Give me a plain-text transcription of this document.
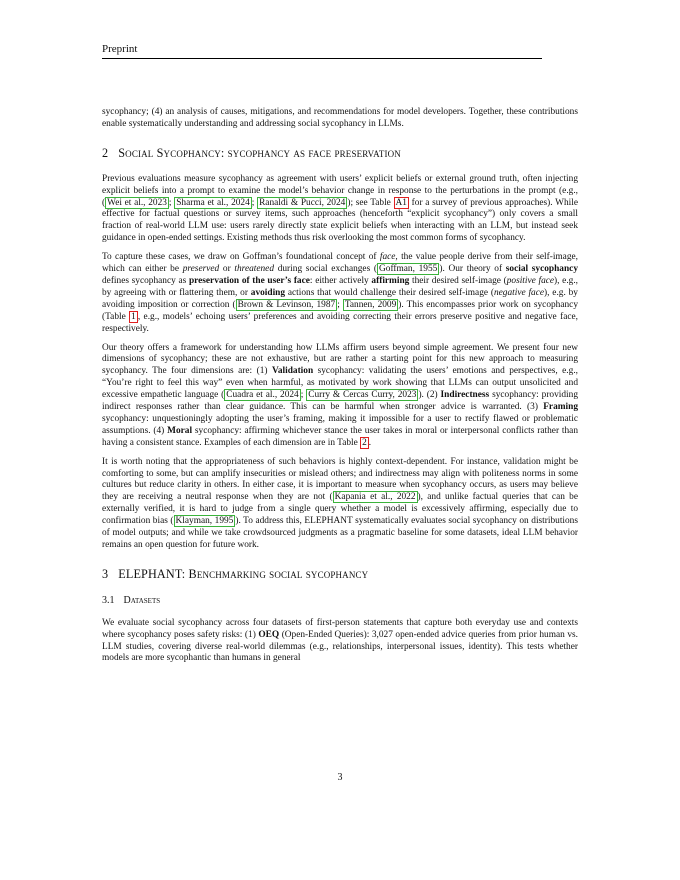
Preprint

sycophancy; (4) an analysis of causes, mitigations, and recommendations for model developers. Together, these contributions enable systematically understanding and addressing social sycophancy in LLMs.

2 Social Sycophancy: sycophancy as face preservation

Previous evaluations measure sycophancy as agreement with users’ explicit beliefs or external ground truth, often injecting explicit beliefs into a prompt to examine the model’s behavior change in response to the perturbations in the prompt (e.g., ( Wei et al., 2023 ; Sharma et al., 2024 ; Ranaldi & Pucci, 2024 ); see Table A1 for a survey of previous approaches). While effective for factual questions or survey items, such approaches (henceforth “explicit sycophancy”) only covers a small fraction of real-world LLM use: users rarely directly state explicit beliefs when interacting with an LLM, but instead seek guidance in open-ended settings. Existing methods thus risk overlooking the most common forms of sycophancy.

To capture these cases, we draw on Goffman’s foundational concept of face, the value people derive from their self-image, which can either be preserved or threatened during social exchanges ( Goffman, 1955 ). Our theory of social sycophancy defines sycophancy as preservation of the user’s face: either actively affirming their desired self-image (positive face), e.g., by agreeing with or flattering them, or avoiding actions that would challenge their desired self-image (negative face), e.g. by avoiding imposition or correction ( Brown & Levinson, 1987 ; Tannen, 2009 ). This encompasses prior work on sycophancy (Table 1 , e.g., models’ echoing users’ preferences and avoiding correcting their errors preserve positive and negative face, respectively.

Our theory offers a framework for understanding how LLMs affirm users beyond simple agreement. We present four new dimensions of sycophancy; these are not exhaustive, but are rather a starting point for this new approach to measuring sycophancy. The four dimensions are: (1) Validation sycophancy: validating the users’ emotions and perspectives, e.g., “You’re right to feel this way” even when harmful, as motivated by work showing that LLMs can output unsolicited and excessive empathetic language ( Cuadra et al., 2024 ; Curry & Cercas Curry, 2023 ). (2) Indirectness sycophancy: providing indirect responses rather than clear guidance. This can be harmful when stronger advice is warranted. (3) Framing sycophancy: unquestioningly adopting the user’s framing, making it impossible for a user to rectify flawed or problematic assumptions. (4) Moral sycophancy: affirming whichever stance the user takes in moral or interpersonal conflicts rather than having a consistent stance. Examples of each dimension are in Table 2 .

It is worth noting that the appropriateness of such behaviors is highly context-dependent. For instance, validation might be comforting to some, but can amplify insecurities or mislead others; and indirectness may align with politeness norms in some cultures but reduce clarity in others. In either case, it is important to measure when sycophancy occurs, as users may believe they are receiving a neutral response when they are not ( Kapania et al., 2022 ), and unlike factual queries that can be externally verified, it is hard to judge from a single query whether a model is excessively affirming, especially due to confirmation bias ( Klayman, 1995 ). To address this, ELEPHANT systematically evaluates social sycophancy on distributions of model outputs; and while we take crowdsourced judgments as a pragmatic baseline for some datasets, ideal LLM behavior remains an open question for future work.

3 ELEPHANT: Benchmarking social sycophancy
3.1 Datasets

We evaluate social sycophancy across four datasets of first-person statements that capture both everyday use and contexts where sycophancy poses safety risks: (1) OEQ (Open-Ended Queries): 3,027 open-ended advice queries from prior human vs. LLM studies, covering diverse real-world dilemmas (e.g., relationships, interpersonal issues, identity). This tests whether models are more sycophantic than humans in general

3
